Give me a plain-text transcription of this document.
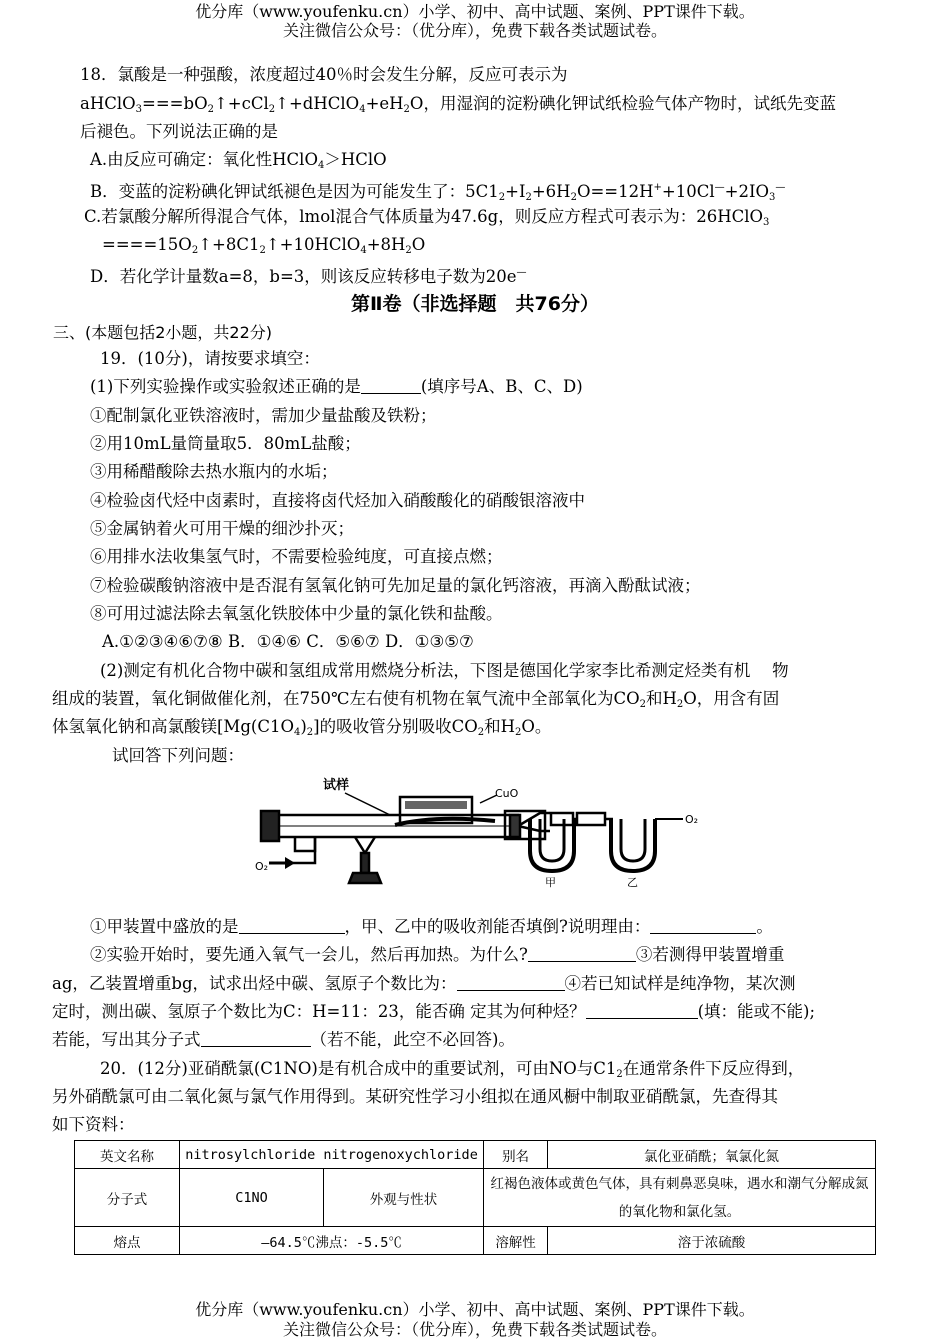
优分库（www.youfenku.cn）小学、初中、高中试题、案例、PPT课件下载。
关注微信公众号：（优分库），免费下载各类试题试卷。
18．氯酸是一种强酸，浓度超过40％时会发生分解，反应可表示为
$aHClO_3===bO_2↑+cCl_2↑+dHClO_4+eH_2O$，用湿润的淀粉碘化钾试纸检验气体产物时，试纸先变蓝
后褪色。下列说法正确的是
A.由反应可确定：氧化性HClO$_4$＞HClO
B．变蓝的淀粉碘化钾试纸褪色是因为可能发生了：$5C1_2+I_2+6H_2O==12H^++10Cl^—+2IO_3^—$
C.若氯酸分解所得混合气体，lmol混合气体质量为47.6g，则反应方程式可表示为：26HClO$_3$
$====15O_2↑+8C1_2↑+10HClO_4+8H_2O$
D．若化学计量数a=8，b=3，则该反应转移电子数为20e—
第Ⅱ卷（非选择题　共76分）
三、(本题包括2小题，共22分)
19．(10分)，请按要求填空：
(1)下列实验操作或实验叙述正确的是	(填序号A、B、C、D)
①配制氯化亚铁溶液时，需加少量盐酸及铁粉；
②用10mL量筒量取5．80mL盐酸；
③用稀醋酸除去热水瓶内的水垢；
④检验卤代烃中卤素时，直接将卤代烃加入硝酸酸化的硝酸银溶液中
⑤金属钠着火可用干燥的细沙扑灭；
⑥用排水法收集氢气时，不需要检验纯度，可直接点燃；
⑦检验碳酸钠溶液中是否混有氢氧化钠可先加足量的氯化钙溶液，再滴入酚酞试液；
⑧可用过滤法除去氧氢化铁胶体中少量的氯化铁和盐酸。
A.①②③④⑥⑦⑧ B．①④⑥ C．⑤⑥⑦ D．①③⑤⑦
(2)测定有机化合物中碳和氢组成常用燃烧分析法，下图是德国化学家李比希测定烃类有机　 物
组成的装置，氧化铜做催化剂，在750℃左右使有机物在氧气流中全部氧化为$CO_2$和$H_2O$，用含有固
体氢氧化钠和高氯酸镁$[Mg(C1O_4)_2]$的吸收管分别吸收$CO_2$和$H_2O$。
试回答下列问题：
试样
CuO
O₂
O₂
甲	乙
①甲装置中盛放的是	，甲、乙中的吸收剂能否填倒?说明理由：	。
②实验开始时，要先通入氧气一会儿，然后再加热。为什么?	③若测得甲装置增重
ag，乙装置增重bg，试求出烃中碳、氢原子个数比为：	④若已知试样是纯净物，某次测
定时，测出碳、氢原子个数比为C：H=11：23，能否确 定其为何种烃？	(填：能或不能);
若能，写出其分子式	（若不能，此空不必回答)。
20．(12分)亚硝酰氯(C1NO)是有机合成中的重要试剂，可由NO与$C1_2$在通常条件下反应得到，
另外硝酰氯可由二氧化氮与氯气作用得到。某研究性学习小组拟在通风橱中制取亚硝酰氯，先查得其
如下资料：
英文名称	nitrosylchloride nitrogenoxychloride		别名	氯化亚硝酰；氧氯化氮
分子式	C1NO	外观与性状	红褐色液体或黄色气体，具有刺鼻恶臭味，遇水和潮气分解成氮的氧化物和氯化氢。	
熔点	—64.5℃沸点：-5.5℃		溶解性	溶于浓硫酸
优分库（www.youfenku.cn）小学、初中、高中试题、案例、PPT课件下载。
关注微信公众号：（优分库），免费下载各类试题试卷。
